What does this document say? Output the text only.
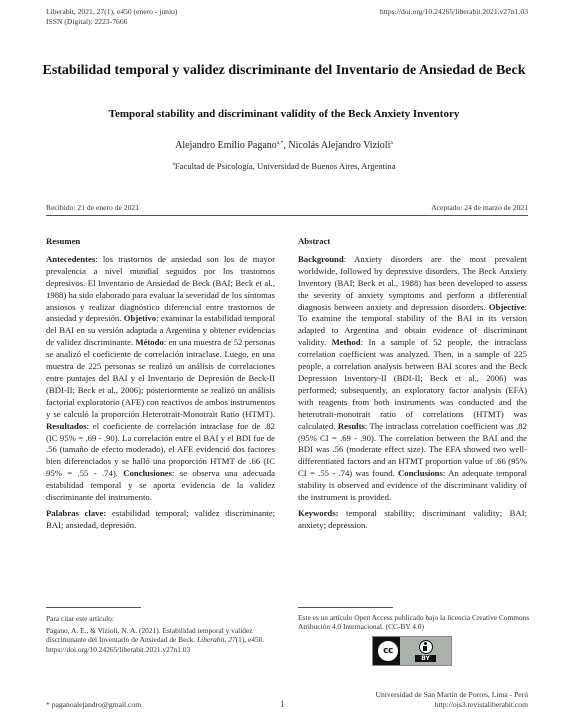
Liberabit, 2021, 27(1), e450 (enero - junio)
ISSN (Digital): 2223-7666
https://doi.org/10.24265/liberabit.2021.v27n1.03
Estabilidad temporal y validez discriminante del Inventario de Ansiedad de Beck
Temporal stability and discriminant validity of the Beck Anxiety Inventory
Alejandro Emilio Pagano$^{a,*}$, Nicolás Alejandro Vizioli$^a$
$^a$Facultad de Psicología, Universidad de Buenos Aires, Argentina
Recibido: 21 de enero de 2021	Aceptado: 24 de marzo de 2021
Resumen

Antecedentes: los trastornos de ansiedad son los de mayor prevalencia a nivel mundial seguidos por los trastornos depresivos. El Inventario de Ansiedad de Beck (BAI; Beck et al., 1988) ha sido elaborado para evaluar la severidad de los síntomas ansiosos y realizar diagnóstico diferencial entre trastornos de ansiedad y depresión. Objetivo: examinar la estabilidad temporal del BAI en su versión adaptada a Argentina y obtener evidencias de validez discriminante. Método: en una muestra de 52 personas se analizó el coeficiente de correlación intraclase. Luego, en una muestra de 225 personas se realizó un análisis de correlaciones entre puntajes del BAI y el Inventario de Depresión de Beck-II (BDI-II; Beck et al., 2006); posteriormente se realizó un análisis factorial exploratorio (AFE) con reactivos de ambos instrumentos y se calculó la proporción Heterotrait-Monotrait Ratio (HTMT). Resultados: el coeficiente de correlación intraclase fue de .82 (IC 95% = .69 - .90). La correlación entre el BAI y el BDI fue de .56 (tamaño de efecto moderado), el AFE evidenció dos factores bien diferenciados y se halló una proporción HTMT de .66 (IC 95% = .55 - .74). Conclusiones: se observa una adecuada estabilidad temporal y se aporta evidencia de la validez discriminante del instrumento.

Palabras clave: estabilidad temporal; validez discriminante; BAI; ansiedad, depresión.

Abstract

Background: Anxiety disorders are the most prevalent worldwide, followed by depressive disorders. The Beck Anxiety Inventory (BAI; Beck et al., 1988) has been developed to assess the severity of anxiety symptoms and perform a differential diagnosis between anxiety and depression disorders. Objective: To examine the temporal stability of the BAI in its version adapted to Argentina and obtain evidence of discriminant validity. Method: In a sample of 52 people, the intraclass correlation coefficient was analyzed. Then, in a sample of 225 people, a correlation analysis between BAI scores and the Beck Depression Inventory-II (BDI-II; Beck et al., 2006) was performed; subsequently, an exploratory factor analysis (EFA) with reagents from both instruments was conducted and the heterotrait-monotrait ratio of correlations (HTMT) was calculated. Results: The intraclass correlation coefficient was .82 (95% CI = .69 - .90). The correlation between the BAI and the BDI was .56 (moderate effect size). The EFA showed two well-differentiated factors and an HTMT proportion value of .66 (95% CI = .55 - .74) was found. Conclusions: An adequate temporal stability is observed and evidence of the discriminant validity of the instrument is provided.

Keywords: temporal stability; discriminant validity; BAI; anxiety; depression.

Para citar este artículo:
Pagano, A. E., & Vizioli, N. A. (2021). Estabilidad temporal y validez discriminante del Inventario de Ansiedad de Beck. Liberabit, 27(1), e450. https://doi.org/10.24265/liberabit.2021.v27n1.03
Este es un artículo Open Access publicado bajo la licencia Creative Commons Atribución 4.0 Internacional. (CC-BY 4.0)
cc
BY
* paganoalejandro@gmail.com	1
Universidad de San Martín de Porres, Lima - Perú
http://ojs3.revistaliberabit.com
